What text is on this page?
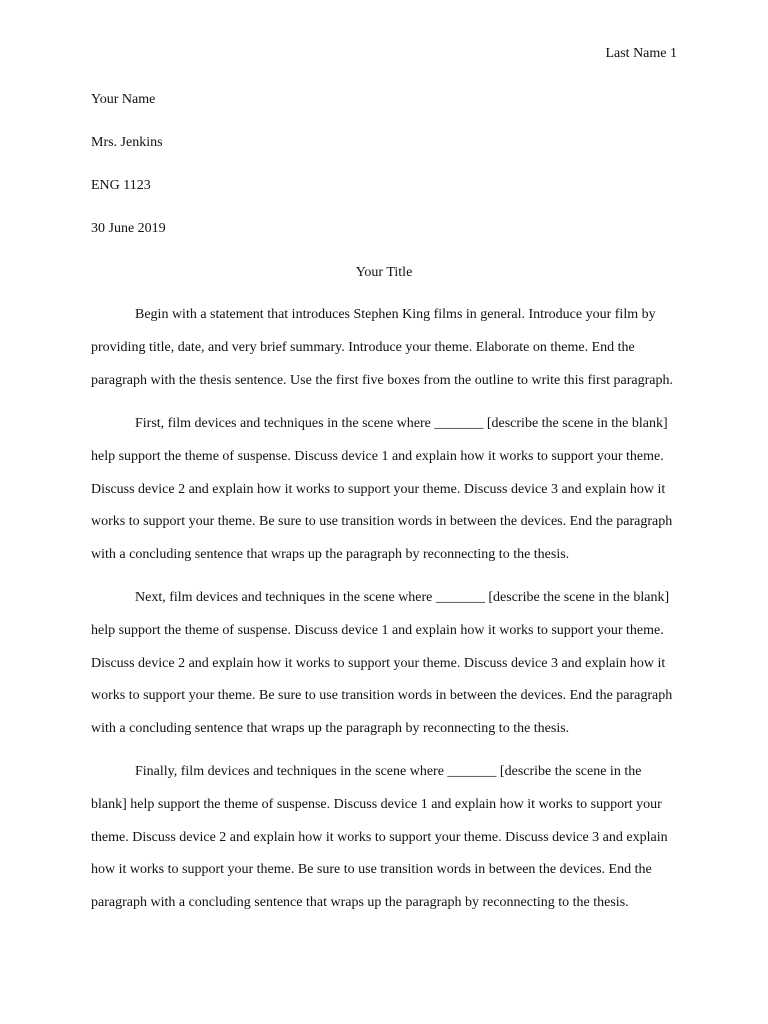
Last Name 1
Your Name
Mrs. Jenkins
ENG 1123
30 June 2019
Your Title
Begin with a statement that introduces Stephen King films in general. Introduce your film by providing title, date, and very brief summary. Introduce your theme. Elaborate on theme. End the paragraph with the thesis sentence. Use the first five boxes from the outline to write this first paragraph.
First, film devices and techniques in the scene where _______ [describe the scene in the blank] help support the theme of suspense. Discuss device 1 and explain how it works to support your theme. Discuss device 2 and explain how it works to support your theme. Discuss device 3 and explain how it works to support your theme. Be sure to use transition words in between the devices. End the paragraph with a concluding sentence that wraps up the paragraph by reconnecting to the thesis.
Next, film devices and techniques in the scene where _______ [describe the scene in the blank] help support the theme of suspense. Discuss device 1 and explain how it works to support your theme. Discuss device 2 and explain how it works to support your theme. Discuss device 3 and explain how it works to support your theme. Be sure to use transition words in between the devices. End the paragraph with a concluding sentence that wraps up the paragraph by reconnecting to the thesis.
Finally, film devices and techniques in the scene where _______ [describe the scene in the blank] help support the theme of suspense. Discuss device 1 and explain how it works to support your theme. Discuss device 2 and explain how it works to support your theme. Discuss device 3 and explain how it works to support your theme. Be sure to use transition words in between the devices. End the paragraph with a concluding sentence that wraps up the paragraph by reconnecting to the thesis.
